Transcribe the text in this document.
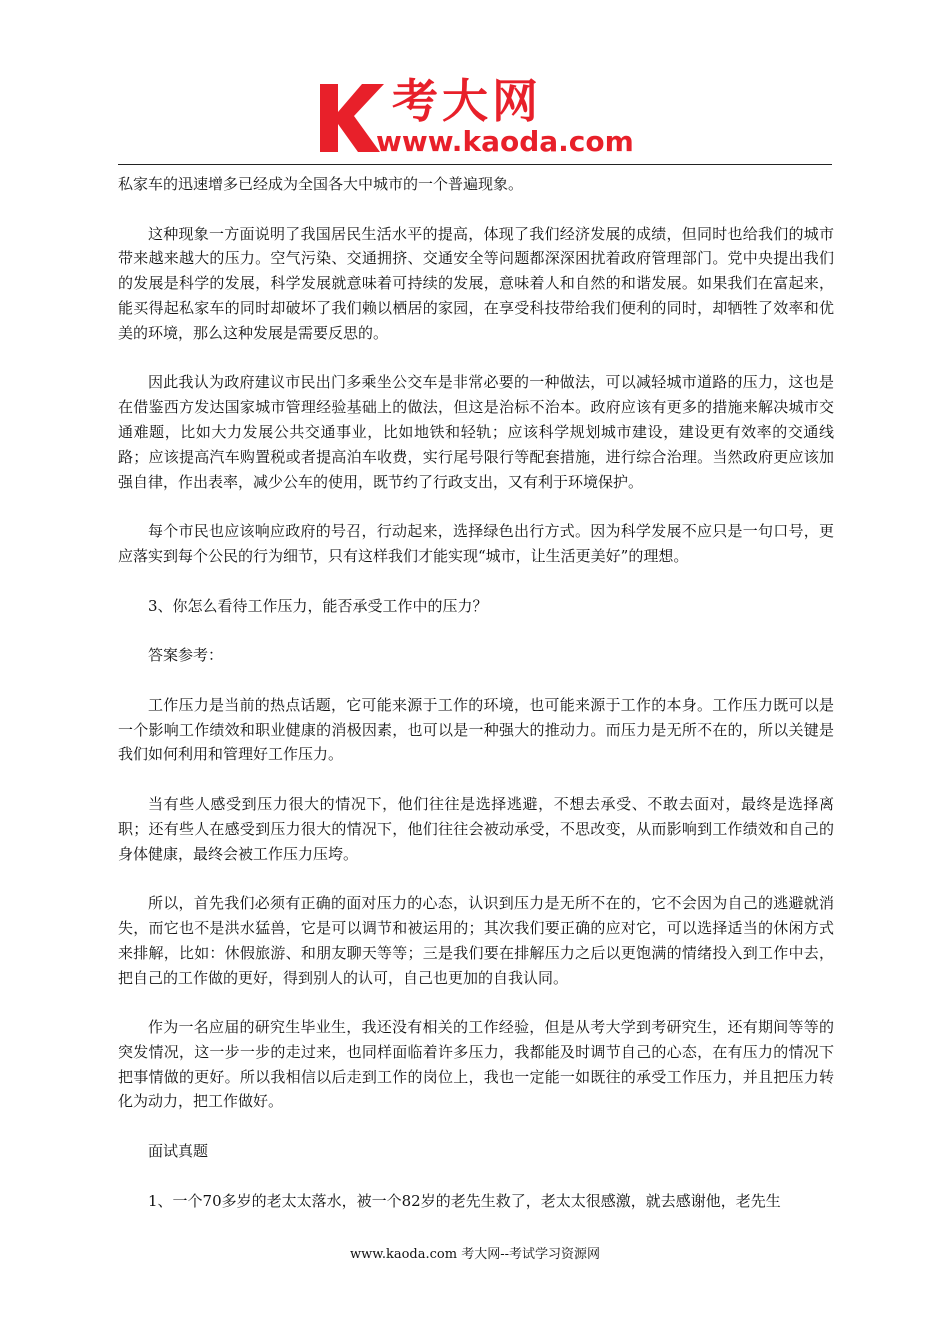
考大网
www.kaoda.com

私家车的迅速增多已经成为全国各大中城市的一个普遍现象。

这种现象一方面说明了我国居民生活水平的提高，体现了我们经济发展的成绩，但同时也给我们的城市带来越来越大的压力。空气污染、交通拥挤、交通安全等问题都深深困扰着政府管理部门。党中央提出我们的发展是科学的发展，科学发展就意味着可持续的发展，意味着人和自然的和谐发展。如果我们在富起来，能买得起私家车的同时却破坏了我们赖以栖居的家园，在享受科技带给我们便利的同时，却牺牲了效率和优美的环境，那么这种发展是需要反思的。

因此我认为政府建议市民出门多乘坐公交车是非常必要的一种做法，可以减轻城市道路的压力，这也是在借鉴西方发达国家城市管理经验基础上的做法，但这是治标不治本。政府应该有更多的措施来解决城市交通难题，比如大力发展公共交通事业，比如地铁和轻轨；应该科学规划城市建设，建设更有效率的交通线路；应该提高汽车购置税或者提高泊车收费，实行尾号限行等配套措施，进行综合治理。当然政府更应该加强自律，作出表率，减少公车的使用，既节约了行政支出，又有利于环境保护。

每个市民也应该响应政府的号召，行动起来，选择绿色出行方式。因为科学发展不应只是一句口号，更应落实到每个公民的行为细节，只有这样我们才能实现“城市，让生活更美好”的理想。

3、你怎么看待工作压力，能否承受工作中的压力？

答案参考：

工作压力是当前的热点话题，它可能来源于工作的环境，也可能来源于工作的本身。工作压力既可以是一个影响工作绩效和职业健康的消极因素，也可以是一种强大的推动力。而压力是无所不在的，所以关键是我们如何利用和管理好工作压力。

当有些人感受到压力很大的情况下，他们往往是选择逃避，不想去承受、不敢去面对，最终是选择离职；还有些人在感受到压力很大的情况下，他们往往会被动承受，不思改变，从而影响到工作绩效和自己的身体健康，最终会被工作压力压垮。

所以，首先我们必须有正确的面对压力的心态，认识到压力是无所不在的，它不会因为自己的逃避就消失，而它也不是洪水猛兽，它是可以调节和被运用的；其次我们要正确的应对它，可以选择适当的休闲方式来排解，比如：休假旅游、和朋友聊天等等；三是我们要在排解压力之后以更饱满的情绪投入到工作中去，把自己的工作做的更好，得到别人的认可，自己也更加的自我认同。

作为一名应届的研究生毕业生，我还没有相关的工作经验，但是从考大学到考研究生，还有期间等等的突发情况，这一步一步的走过来，也同样面临着许多压力，我都能及时调节自己的心态，在有压力的情况下把事情做的更好。所以我相信以后走到工作的岗位上，我也一定能一如既往的承受工作压力，并且把压力转化为动力，把工作做好。

面试真题

1、一个70多岁的老太太落水，被一个82岁的老先生救了，老太太很感激，就去感谢他，老先生

www.kaoda.com 考大网--考试学习资源网
